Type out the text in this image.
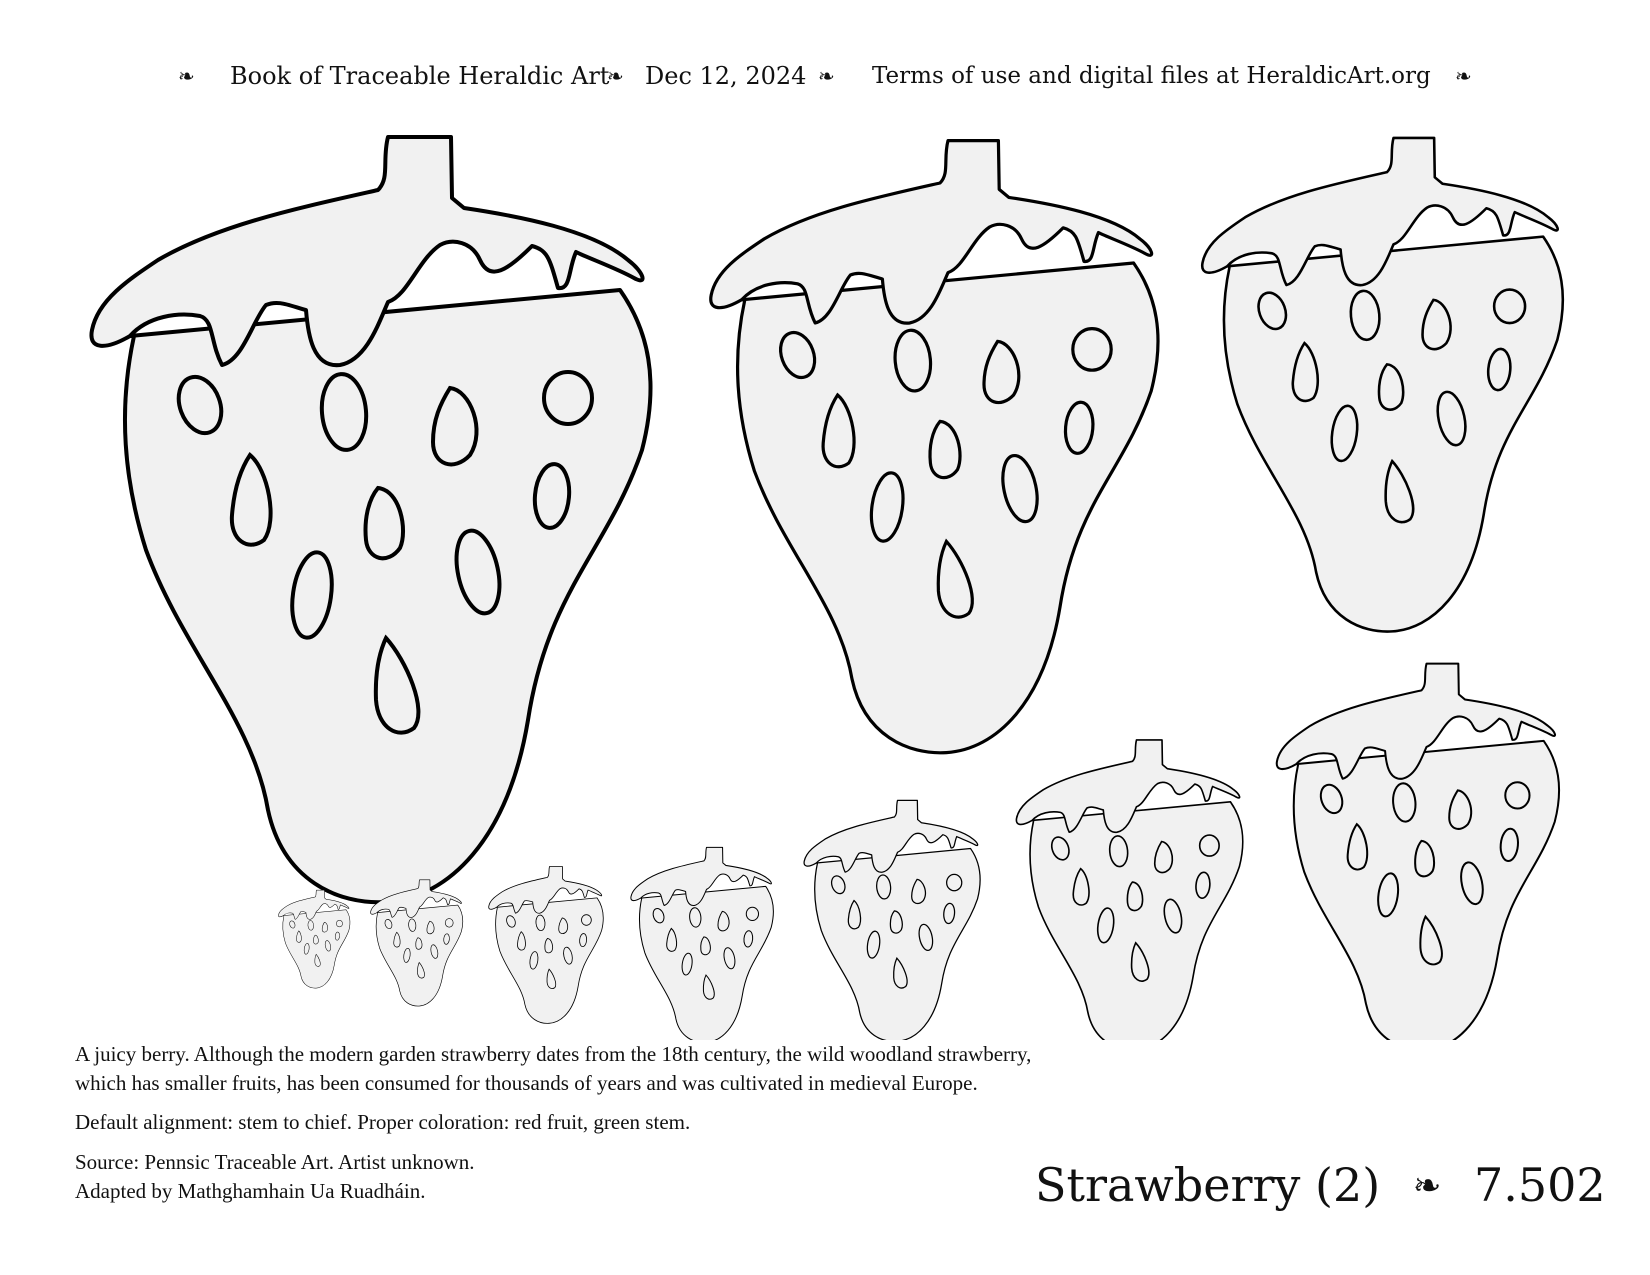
❧ Book of Traceable Heraldic Art
❧ Dec 12, 2024 ❧ Terms of use and digital files at HeraldicArt.org ❧
A juicy berry. Although the modern garden strawberry dates from the 18th century, the wild woodland strawberry,
which has smaller fruits, has been consumed for thousands of years and was cultivated in medieval Europe.
Default alignment: stem to chief. Proper coloration: red fruit, green stem.
Source: Pennsic Traceable Art. Artist unknown.
Adapted by Mathghamhain Ua Ruadháin.	Strawberry (2) ❧ 7.502
